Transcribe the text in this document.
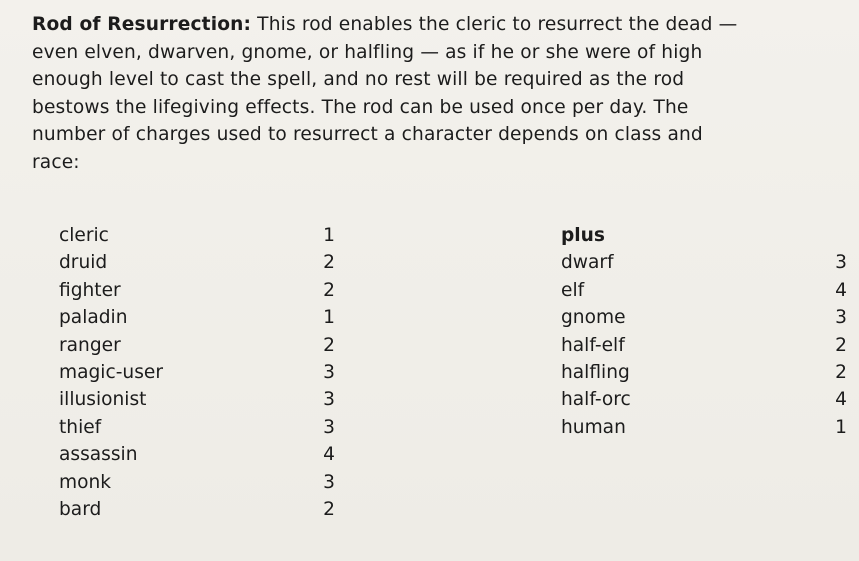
Rod of Resurrection: This rod enables the cleric to resurrect the dead —
even elven, dwarven, gnome, or halfling — as if he or she were of high
enough level to cast the spell, and no rest will be required as the rod
bestows the lifegiving effects. The rod can be used once per day. The
number of charges used to resurrect a character depends on class and
race:
cleric	1
druid	2
fighter	2
paladin	1
ranger	2
magic-user	3
illusionist	3
thief	3
assassin	4
monk	3
bard	2
plus
dwarf	3
elf	4
gnome	3
half-elf	2
halfling	2
half-orc	4
human	1
